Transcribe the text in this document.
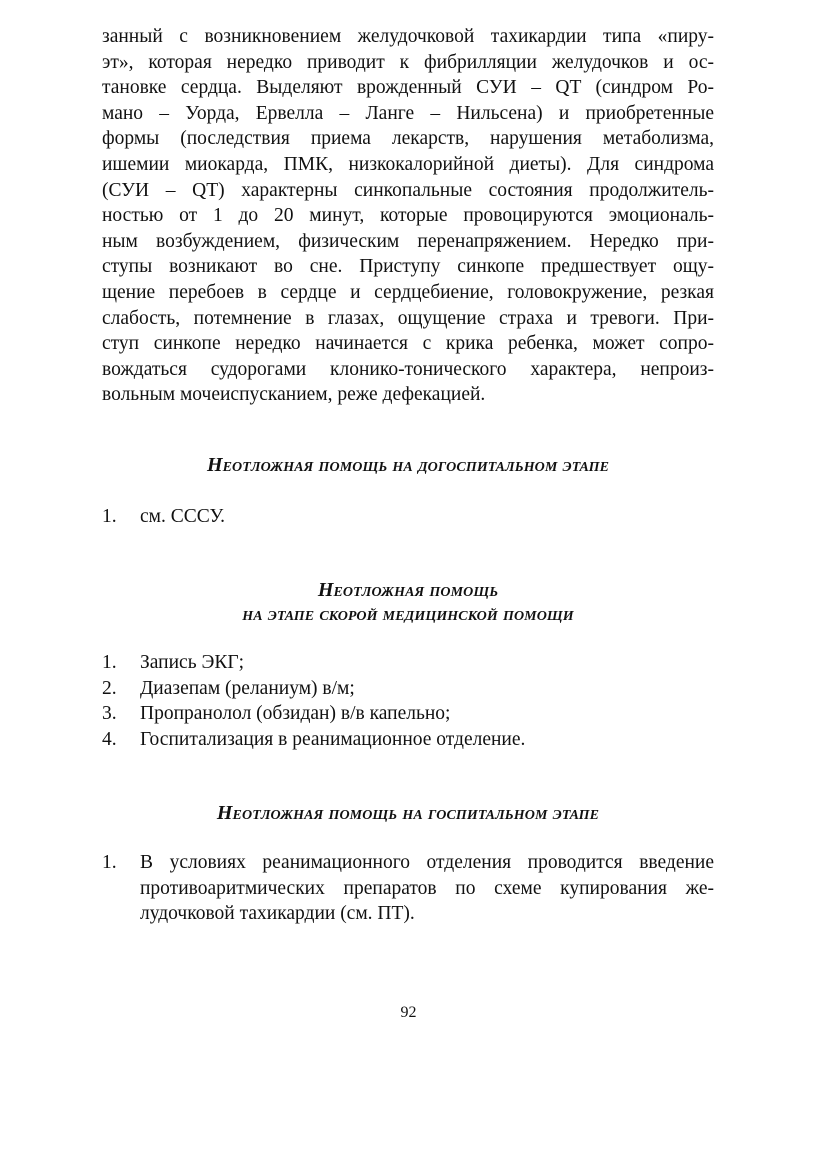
занный с возникновением желудочковой тахикардии типа «пиру-
эт», которая нередко приводит к фибрилляции желудочков и ос-
тановке сердца. Выделяют врожденный СУИ – QT (синдром Ро-
мано – Уорда, Ервелла – Ланге – Нильсена) и приобретенные
формы (последствия приема лекарств, нарушения метаболизма,
ишемии миокарда, ПМК, низкокалорийной диеты). Для синдрома
(СУИ – QT) характерны синкопальные состояния продолжитель-
ностью от 1 до 20 минут, которые провоцируются эмоциональ-
ным возбуждением, физическим перенапряжением. Нередко при-
ступы возникают во сне. Приступу синкопе предшествует ощу-
щение перебоев в сердце и сердцебиение, головокружение, резкая
слабость, потемнение в глазах, ощущение страха и тревоги. При-
ступ синкопе нередко начинается с крика ребенка, может сопро-
вождаться судорогами клонико-тонического характера, непроиз-
вольным мочеиспусканием, реже дефекацией.
Неотложная помощь на догоспитальном этапе
1. см. СССУ.
Неотложная помощь
на этапе скорой медицинской помощи
1. Запись ЭКГ;
2. Диазепам (реланиум) в/м;
3. Пропранолол (обзидан) в/в капельно;
4. Госпитализация в реанимационное отделение.
Неотложная помощь на госпитальном этапе
1. В условиях реанимационного отделения проводится введение
противоаритмических препаратов по схеме купирования же-
лудочковой тахикардии (см. ПТ).
92
